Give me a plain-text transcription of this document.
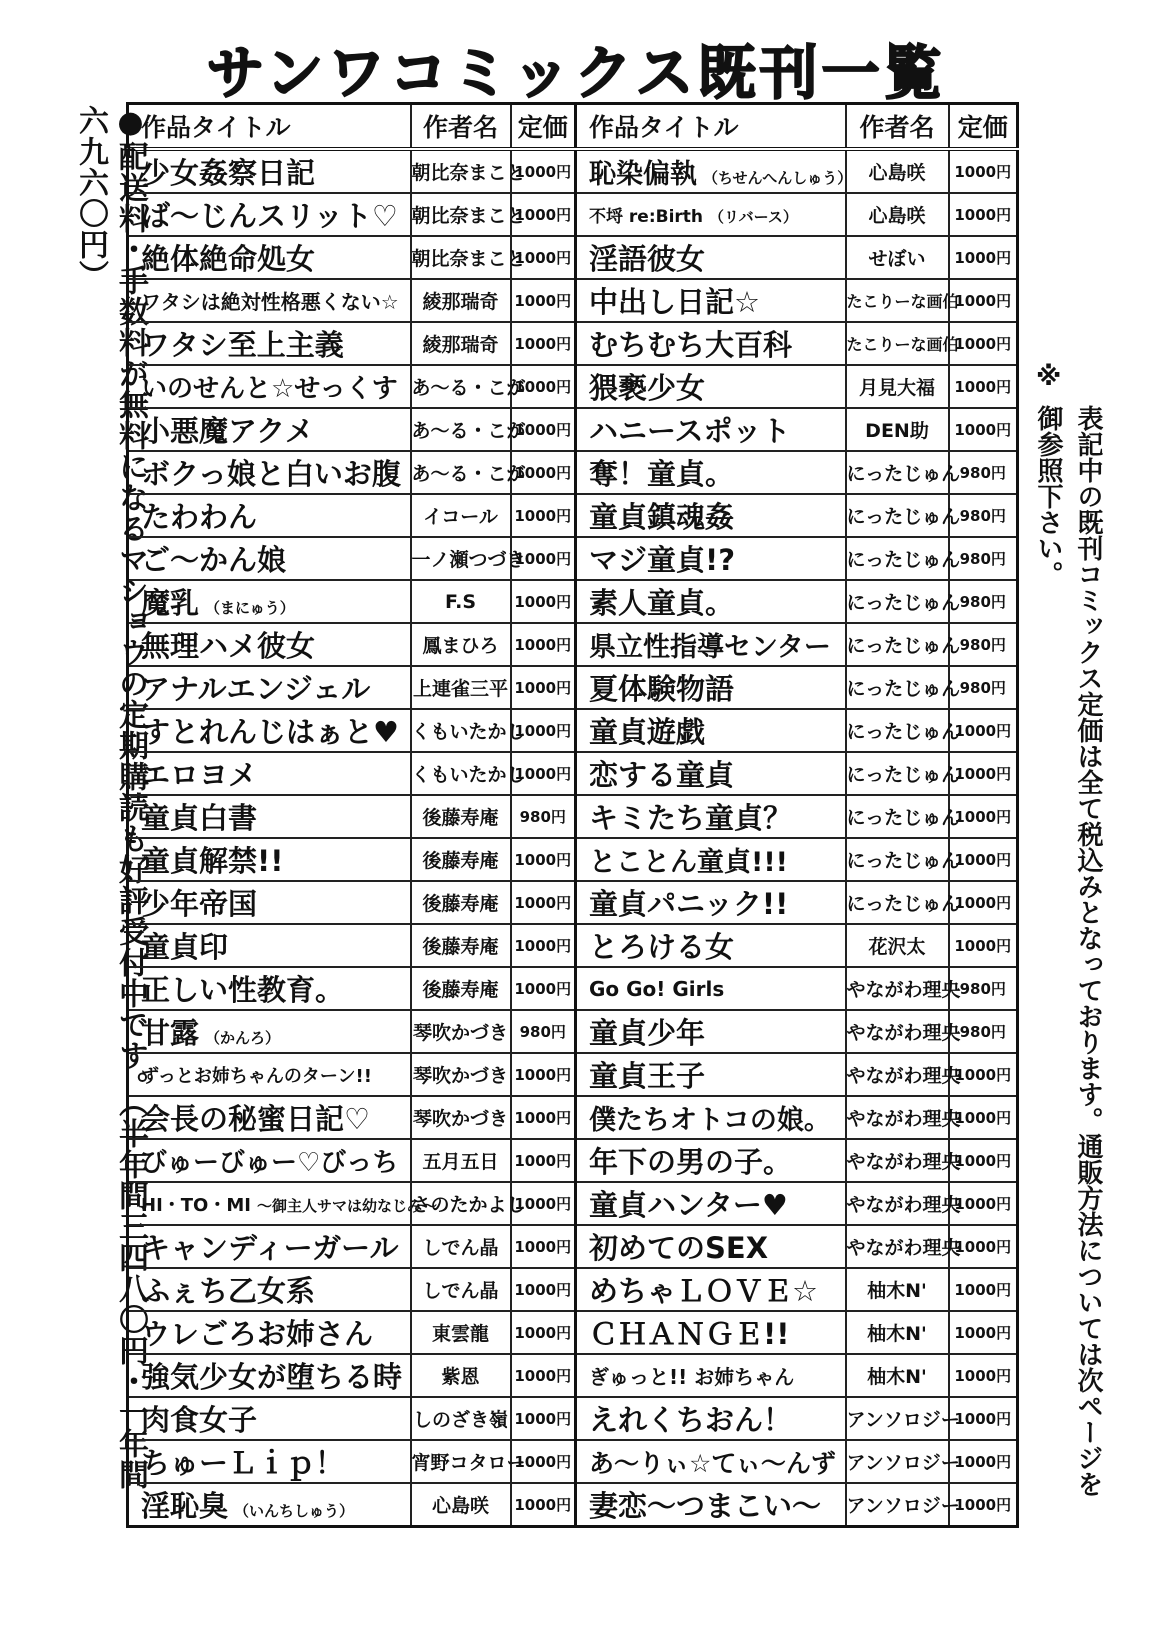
サンワコミックス既刊一覧
●配送料・手数料が無料になるマショウの定期購読も好評受付中です。（半年間三四八〇円・一年間 六九六〇円）
※
表記中の既刊コミックス定価は全て税込みとなっております。通販方法については次ページを御参照下さい。
作品タイトル	作者名	定価	作品タイトル	作者名	定価
少女姦察日記	朝比奈まこと	1000円	恥染偏執 （ちせんへんしゅう）	心島咲	1000円
ば〜じんスリット♡	朝比奈まこと	1000円	不埒 re:Birth （リバース）	心島咲	1000円
絶体絶命処女	朝比奈まこと	1000円	淫語彼女	せぼい	1000円
ワタシは絶対性格悪くない☆	綾那瑞奇	1000円	中出し日記☆	たこりーな画伯	1000円
ワタシ至上主義	綾那瑞奇	1000円	むちむち大百科	たこりーな画伯	1000円
いのせんと☆せっくす	あ〜る・こが	1000円	猥褻少女	月見大福	1000円
小悪魔アクメ	あ〜る・こが	1000円	ハニースポット	DEN助	1000円
ボクっ娘と白いお腹	あ〜る・こが	1000円	奪！童貞。	にったじゅん	980円
たわわん	イコール	1000円	童貞鎮魂姦	にったじゅん	980円
ご〜かん娘	一ノ瀬つづき	1000円	マジ童貞!?	にったじゅん	980円
魔乳 （まにゅう）	F.S	1000円	素人童貞。	にったじゅん	980円
無理ハメ彼女	鳳まひろ	1000円	県立性指導センター	にったじゅん	980円
アナルエンジェル	上連雀三平	1000円	夏体験物語	にったじゅん	980円
すとれんじはぁと♥	くもいたかし	1000円	童貞遊戯	にったじゅん	1000円
エロヨメ	くもいたかし	1000円	恋する童貞	にったじゅん	1000円
童貞白書	後藤寿庵	980円	キミたち童貞？	にったじゅん	1000円
童貞解禁!!	後藤寿庵	1000円	とことん童貞!!!	にったじゅん	1000円
少年帝国	後藤寿庵	1000円	童貞パニック!!	にったじゅん	1000円
童貞印	後藤寿庵	1000円	とろける女	花沢太	1000円
正しい性教育。	後藤寿庵	1000円	Go Go! Girls	やながわ理央	980円
甘露 （かんろ）	琴吹かづき	980円	童貞少年	やながわ理央	980円
ずっとお姉ちゃんのターン!!	琴吹かづき	1000円	童貞王子	やながわ理央	1000円
会長の秘蜜日記♡	琴吹かづき	1000円	僕たちオトコの娘。	やながわ理央	1000円
びゅーびゅー♡びっち	五月五日	1000円	年下の男の子。	やながわ理央	1000円
HI・TO・MI 〜御主人サマは幼なじみ〜	さのたかよし	1000円	童貞ハンター♥	やながわ理央	1000円
キャンディーガール	しでん晶	1000円	初めてのSEX	やながわ理央	1000円
ふぇち乙女系	しでん晶	1000円	めちゃＬＯＶＥ☆	柚木N'	1000円
ウレごろお姉さん	東雲龍	1000円	ＣＨＡＮＧＥ!!	柚木N'	1000円
強気少女が堕ちる時	紫恩	1000円	ぎゅっと!! お姉ちゃん	柚木N'	1000円
肉食女子	しのざき嶺	1000円	えれくちおん！	アンソロジー	1000円
ちゅーＬｉｐ！	宵野コタロー	1000円	あ〜りぃ☆てぃ〜んず	アンソロジー	1000円
淫恥臭 （いんちしゅう）	心島咲	1000円	妻恋〜つまこい〜	アンソロジー	1000円
